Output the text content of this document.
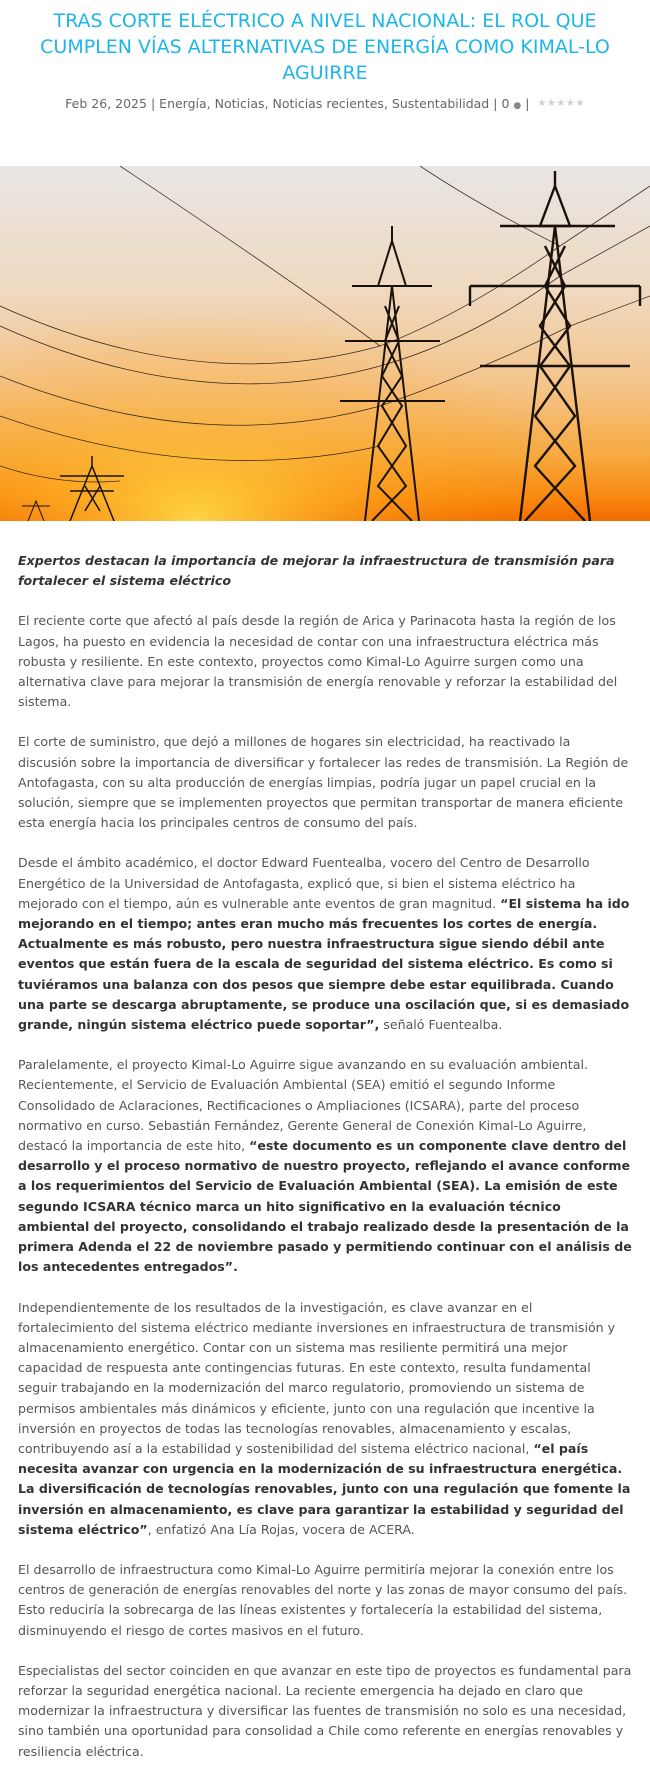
TRAS CORTE ELÉCTRICO A NIVEL NACIONAL: EL ROL QUE CUMPLEN VÍAS ALTERNATIVAS DE ENERGÍA COMO KIMAL-LO AGUIRRE
Feb 26, 2025 | Energía, Noticias, Noticias recientes, Sustentabilidad | 0 ● | ★★★★★

Expertos destacan la importancia de mejorar la infraestructura de transmisión para fortalecer el sistema eléctrico

El reciente corte que afectó al país desde la región de Arica y Parinacota hasta la región de los Lagos, ha puesto en evidencia la necesidad de contar con una infraestructura eléctrica más robusta y resiliente. En este contexto, proyectos como Kimal-Lo Aguirre surgen como una alternativa clave para mejorar la transmisión de energía renovable y reforzar la estabilidad del sistema.

El corte de suministro, que dejó a millones de hogares sin electricidad, ha reactivado la discusión sobre la importancia de diversificar y fortalecer las redes de transmisión. La Región de Antofagasta, con su alta producción de energías limpias, podría jugar un papel crucial en la solución, siempre que se implementen proyectos que permitan transportar de manera eficiente esta energía hacia los principales centros de consumo del país.

Desde el ámbito académico, el doctor Edward Fuentealba, vocero del Centro de Desarrollo Energético de la Universidad de Antofagasta, explicó que, si bien el sistema eléctrico ha mejorado con el tiempo, aún es vulnerable ante eventos de gran magnitud. “El sistema ha ido mejorando en el tiempo; antes eran mucho más frecuentes los cortes de energía. Actualmente es más robusto, pero nuestra infraestructura sigue siendo débil ante eventos que están fuera de la escala de seguridad del sistema eléctrico. Es como si tuviéramos una balanza con dos pesos que siempre debe estar equilibrada. Cuando una parte se descarga abruptamente, se produce una oscilación que, si es demasiado grande, ningún sistema eléctrico puede soportar”, señaló Fuentealba.

Paralelamente, el proyecto Kimal-Lo Aguirre sigue avanzando en su evaluación ambiental. Recientemente, el Servicio de Evaluación Ambiental (SEA) emitió el segundo Informe Consolidado de Aclaraciones, Rectificaciones o Ampliaciones (ICSARA), parte del proceso normativo en curso. Sebastián Fernández, Gerente General de Conexión Kimal-Lo Aguirre, destacó la importancia de este hito, “este documento es un componente clave dentro del desarrollo y el proceso normativo de nuestro proyecto, reflejando el avance conforme a los requerimientos del Servicio de Evaluación Ambiental (SEA). La emisión de este segundo ICSARA técnico marca un hito significativo en la evaluación técnico ambiental del proyecto, consolidando el trabajo realizado desde la presentación de la primera Adenda el 22 de noviembre pasado y permitiendo continuar con el análisis de los antecedentes entregados”.

Independientemente de los resultados de la investigación, es clave avanzar en el fortalecimiento del sistema eléctrico mediante inversiones en infraestructura de transmisión y almacenamiento energético. Contar con un sistema mas resiliente permitirá una mejor capacidad de respuesta ante contingencias futuras. En este contexto, resulta fundamental seguir trabajando en la modernización del marco regulatorio, promoviendo un sistema de permisos ambientales más dinámicos y eficiente, junto con una regulación que incentive la inversión en proyectos de todas las tecnologías renovables, almacenamiento y escalas, contribuyendo así a la estabilidad y sostenibilidad del sistema eléctrico nacional, “el país necesita avanzar con urgencia en la modernización de su infraestructura energética. La diversificación de tecnologías renovables, junto con una regulación que fomente la inversión en almacenamiento, es clave para garantizar la estabilidad y seguridad del sistema eléctrico”, enfatizó Ana Lía Rojas, vocera de ACERA.

El desarrollo de infraestructura como Kimal-Lo Aguirre permitiría mejorar la conexión entre los centros de generación de energías renovables del norte y las zonas de mayor consumo del país. Esto reduciría la sobrecarga de las líneas existentes y fortalecería la estabilidad del sistema, disminuyendo el riesgo de cortes masivos en el futuro.

Especialistas del sector coinciden en que avanzar en este tipo de proyectos es fundamental para reforzar la seguridad energética nacional. La reciente emergencia ha dejado en claro que modernizar la infraestructura y diversificar las fuentes de transmisión no solo es una necesidad, sino también una oportunidad para consolidad a Chile como referente en energías renovables y resiliencia eléctrica.
